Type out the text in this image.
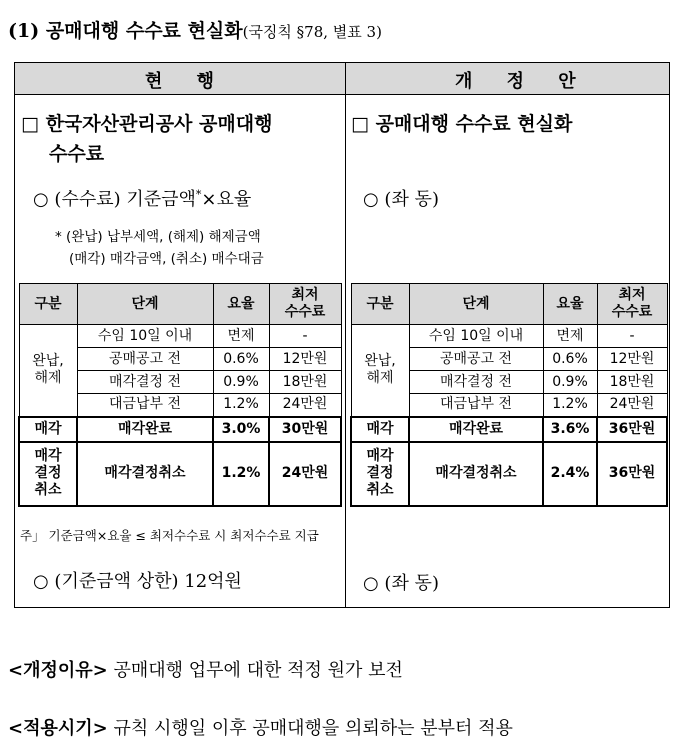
(1) 공매대행 수수료 현실화(국징칙 §78, 별표 3)
현 행	개 정 안
□ 한국자산관리공사 공매대행
수수료
○ (수수료) 기준금액*×요율
* (완납) 납부세액, (해제) 해제금액
(매각) 매각금액, (취소) 매수대금
구분	단계	요율	최저
수수료
완납,
해제	수임 10일 이내	면제	-
	공매공고 전	0.6%	12만원
	매각결정 전	0.9%	18만원
	대금납부 전	1.2%	24만원
매각	매각완료	3.0%	30만원
매각
결정
취소	매각결정취소	1.2%	24만원
○ (기준금액 상한) 12억원
□ 공매대행 수수료 현실화
○ (좌 동)
구분	단계	요율	최저
수수료
완납,
해제	수임 10일 이내	면제	-
	공매공고 전	0.6%	12만원
	매각결정 전	0.9%	18만원
	대금납부 전	1.2%	24만원
매각	매각완료	3.6%	36만원
매각
결정
취소	매각결정취소	2.4%	36만원
○ (좌 동)
주」 기준금액×요율 ≤ 최저수수료 시 최저수수료 지급
<개정이유> 공매대행 업무에 대한 적정 원가 보전
<적용시기> 규칙 시행일 이후 공매대행을 의뢰하는 분부터 적용
